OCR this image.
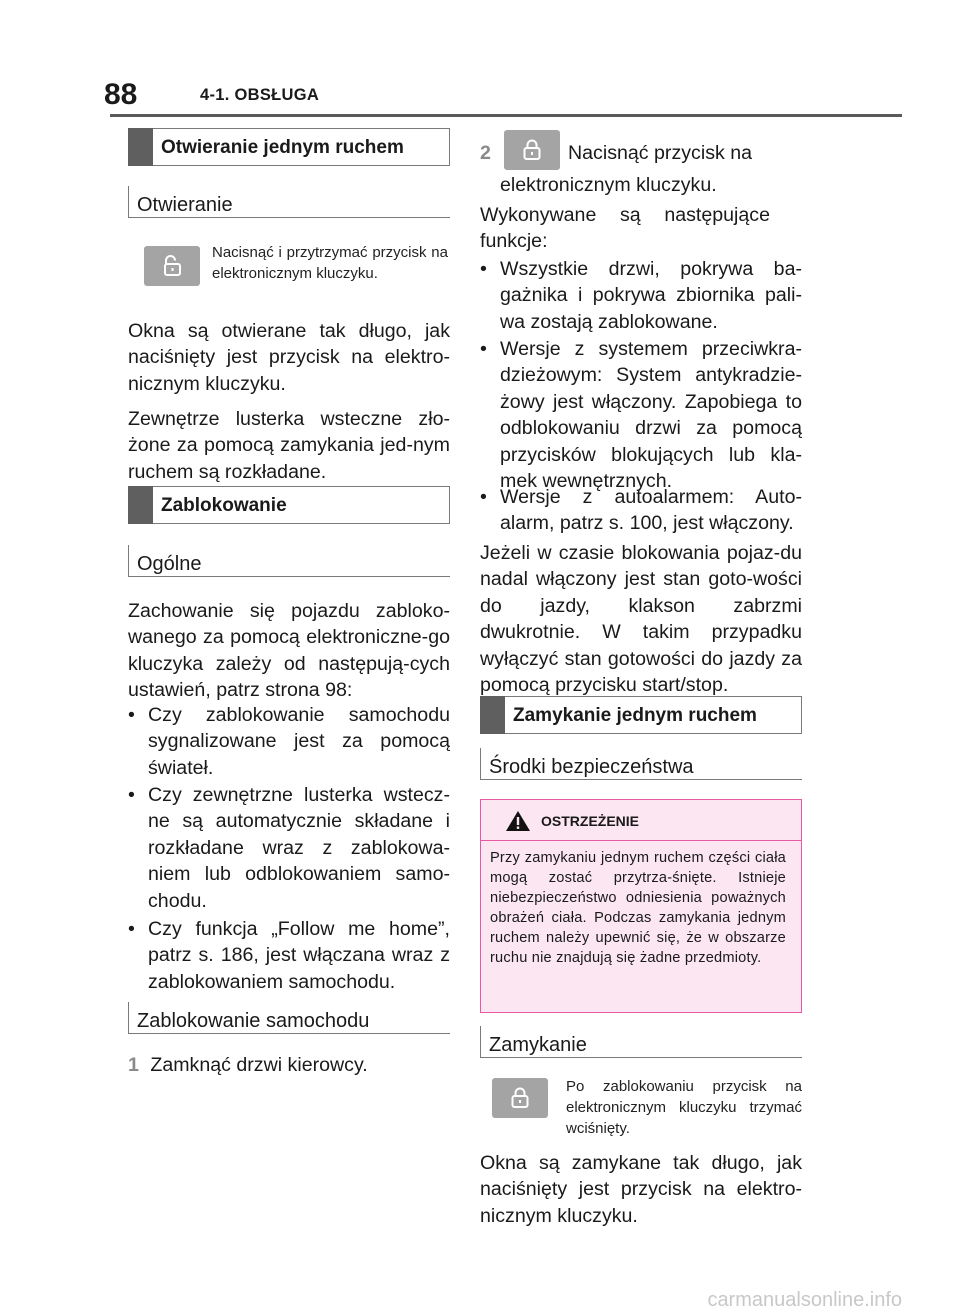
88	4-1. OBSŁUGA
Otwieranie jednym ruchem
Otwieranie
Nacisnąć i przytrzymać przycisk na elektronicznym kluczyku.
Okna są otwierane tak długo, jak naciśnięty jest przycisk na elektro-nicznym kluczyku.
Zewnętrze lusterka wsteczne zło-żone za pomocą zamykania jed-nym ruchem są rozkładane.
Zablokowanie
Ogólne
Zachowanie się pojazdu zabloko-wanego za pomocą elektroniczne-go kluczyka zależy od następują-cych ustawień, patrz strona 98:
• Czy zablokowanie samochodu sygnalizowane jest za pomocą świateł.
• Czy zewnętrzne lusterka wstecz-ne są automatycznie składane i rozkładane wraz z zablokowa-niem lub odblokowaniem samo-chodu.
• Czy funkcja „Follow me home”, patrz s. 186, jest włączana wraz z zablokowaniem samochodu.
Zablokowanie samochodu
1 Zamknąć drzwi kierowcy.
2	Nacisnąć przycisk na
elektronicznym kluczyku.
Wykonywane są następujące funkcje:
• Wszystkie drzwi, pokrywa ba-gażnika i pokrywa zbiornika pali-wa zostają zablokowane.
• Wersje z systemem przeciwkra-dzieżowym: System antykradzie-żowy jest włączony. Zapobiega to odblokowaniu drzwi za pomocą przycisków blokujących lub kla-mek wewnętrznych.
• Wersje z autoalarmem: Auto-alarm, patrz s. 100, jest włączony.
Jeżeli w czasie blokowania pojaz-du nadal włączony jest stan goto-wości do jazdy, klakson zabrzmi dwukrotnie. W takim przypadku wyłączyć stan gotowości do jazdy za pomocą przycisku start/stop.
Zamykanie jednym ruchem
Środki bezpieczeństwa
OSTRZEŻENIE
Przy zamykaniu jednym ruchem części ciała mogą zostać przytrza-śnięte. Istnieje niebezpieczeństwo odniesienia poważnych obrażeń ciała. Podczas zamykania jednym ruchem należy upewnić się, że w obszarze ruchu nie znajdują się żadne przedmioty.
Zamykanie
Po zablokowaniu przycisk na elektronicznym kluczyku trzymać wciśnięty.
Okna są zamykane tak długo, jak naciśnięty jest przycisk na elektro-nicznym kluczyku.
carmanualsonline.info
